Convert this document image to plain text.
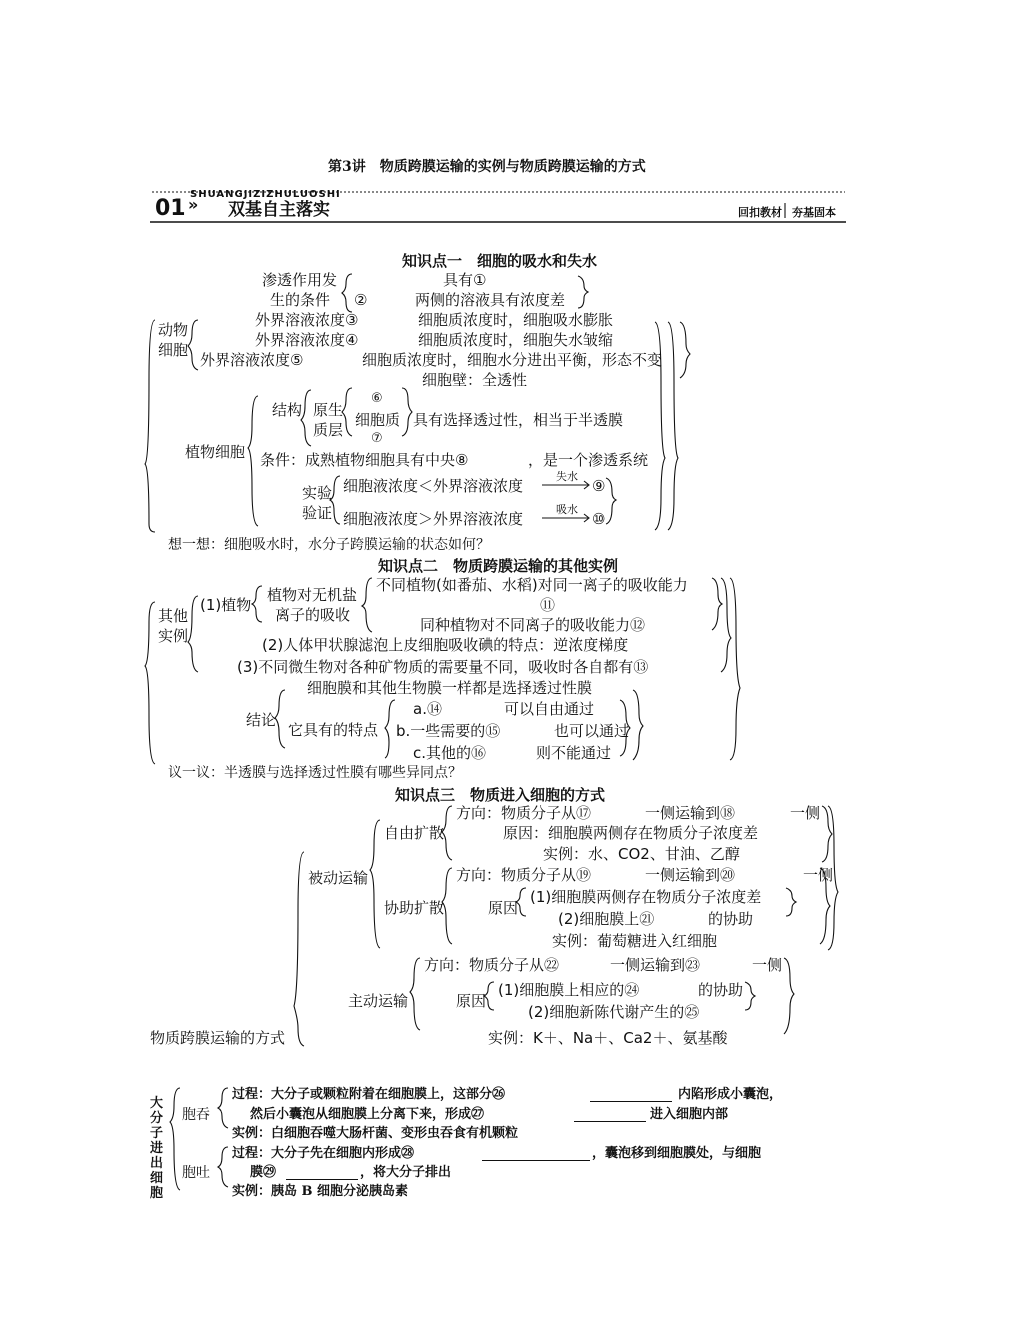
第3讲　物质跨膜运输的实例与物质跨膜运输的方式
SHUANGJIZIZHULUOSHI
01 » 双基自主落实	回扣教材 夯基固本
知识点一　细胞的吸水和失水
渗透作用发
生的条件
具有①
②	两侧的溶液具有浓度差
动物
细胞
外界溶液浓度③	细胞质浓度时，细胞吸水膨胀
外界溶液浓度④	细胞质浓度时，细胞失水皱缩
外界溶液浓度⑤	细胞质浓度时，细胞水分进出平衡，形态不变
细胞壁：全透性
结构 原生
质层
⑥
细胞质
⑦
具有选择透过性，相当于半透膜
植物细胞 条件：成熟植物细胞具有中央⑧	，是一个渗透系统
实验
验证
细胞液浓度＜外界溶液浓度
失水
⑨
细胞液浓度＞外界溶液浓度
吸水
⑩
想一想：细胞吸水时，水分子跨膜运输的状态如何？
知识点二　物质跨膜运输的其他实例
其他
实例
(1)植物
植物对无机盐
离子的吸收
不同植物(如番茄、水稻)对同一离子的吸收能力
⑪
同种植物对不同离子的吸收能力⑫
(2)人体甲状腺滤泡上皮细胞吸收碘的特点：逆浓度梯度
(3)不同微生物对各种矿物质的需要量不同，吸收时各自都有⑬
细胞膜和其他生物膜一样都是选择透过性膜
结论
它具有的特点
a.⑭	可以自由通过
b.一些需要的⑮	也可以通过
c.其他的⑯	则不能通过
议一议：半透膜与选择透过性膜有哪些异同点？
知识点三　物质进入细胞的方式
方向：物质分子从⑰	一侧运输到⑱	一侧
自由扩散	原因：细胞膜两侧存在物质分子浓度差
实例：水、CO2、甘油、乙醇
被动运输	方向：物质分子从⑲	一侧运输到⑳	一侧
(1)细胞膜两侧存在物质分子浓度差
协助扩散	原因
(2)细胞膜上㉑	的协助
实例：葡萄糖进入红细胞
方向：物质分子从㉒	一侧运输到㉓	一侧
(1)细胞膜上相应的㉔	的协助
主动运输	原因
(2)细胞新陈代谢产生的㉕
物质跨膜运输的方式	实例：K＋、Na＋、Ca2＋、氨基酸
大分子进出细胞
胞吞
过程：大分子或颗粒附着在细胞膜上，这部分㉖	内陷形成小囊泡，
然后小囊泡从细胞膜上分离下来，形成㉗	进入细胞内部
实例：白细胞吞噬大肠杆菌、变形虫吞食有机颗粒
胞吐
过程：大分子先在细胞内形成㉘	，囊泡移到细胞膜处，与细胞
膜㉙	，将大分子排出
实例：胰岛 B 细胞分泌胰岛素
